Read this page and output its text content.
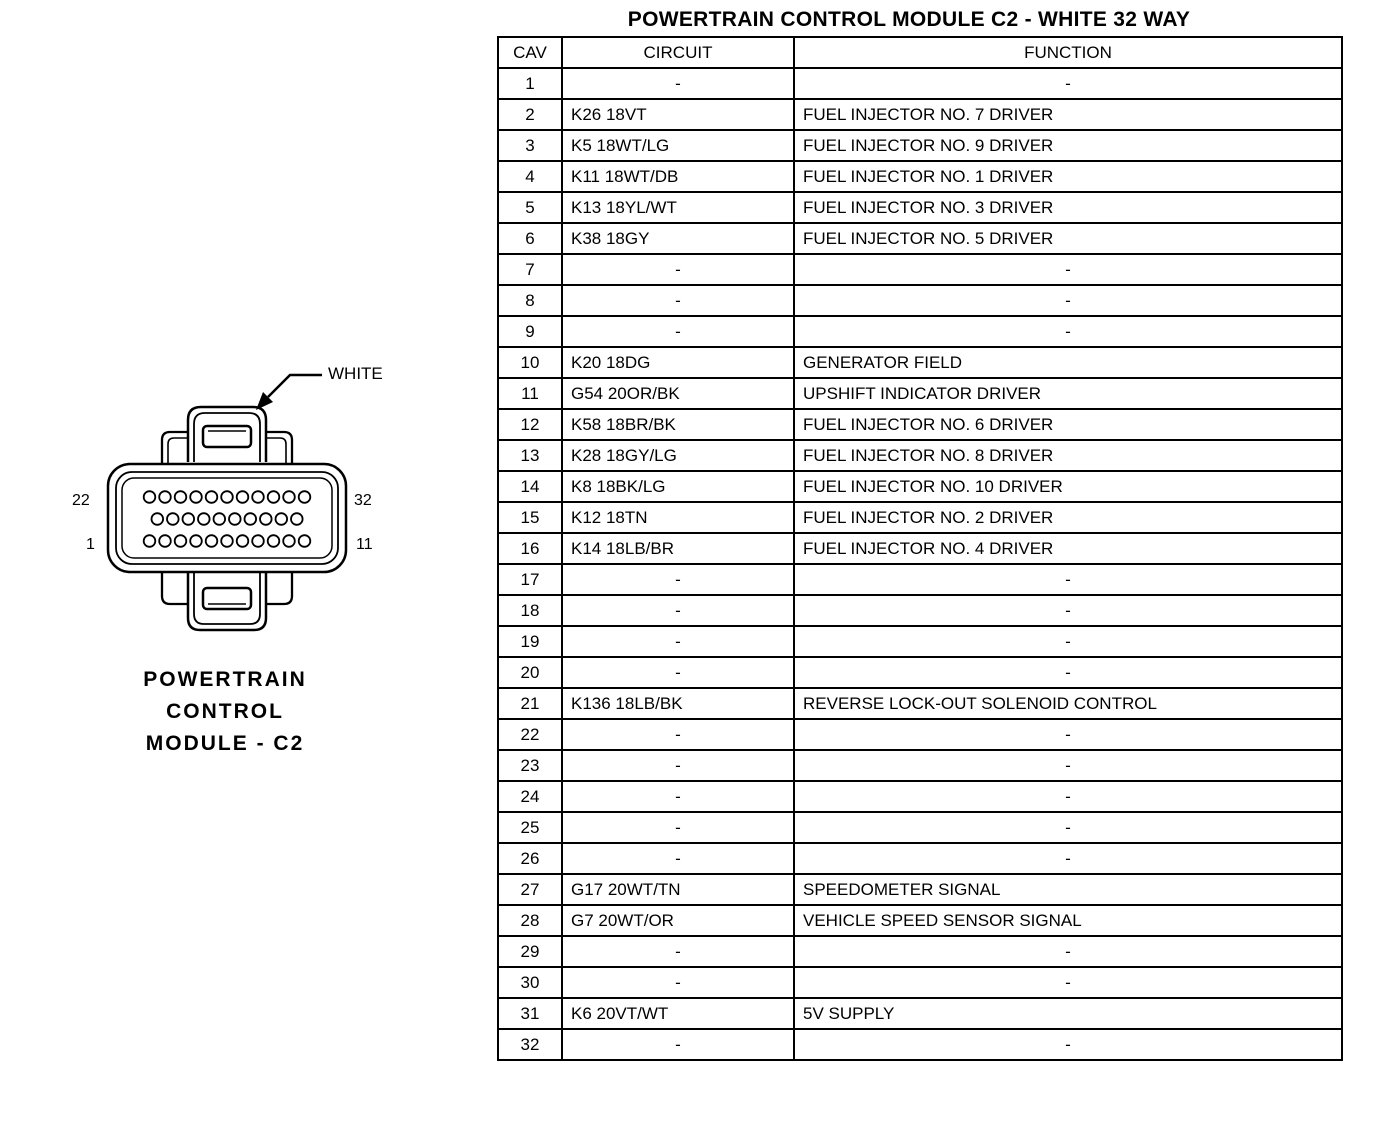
POWERTRAIN CONTROL MODULE C2 - WHITE 32 WAY
CAV	CIRCUIT	FUNCTION
1	-	-
2	K26 18VT	FUEL INJECTOR NO. 7 DRIVER
3	K5 18WT/LG	FUEL INJECTOR NO. 9 DRIVER
4	K11 18WT/DB	FUEL INJECTOR NO. 1 DRIVER
5	K13 18YL/WT	FUEL INJECTOR NO. 3 DRIVER
6	K38 18GY	FUEL INJECTOR NO. 5 DRIVER
7	-	-
8	-	-
9	-	-
10	K20 18DG	GENERATOR FIELD
11	G54 20OR/BK	UPSHIFT INDICATOR DRIVER
12	K58 18BR/BK	FUEL INJECTOR NO. 6 DRIVER
13	K28 18GY/LG	FUEL INJECTOR NO. 8 DRIVER
14	K8 18BK/LG	FUEL INJECTOR NO. 10 DRIVER
15	K12 18TN	FUEL INJECTOR NO. 2 DRIVER
16	K14 18LB/BR	FUEL INJECTOR NO. 4 DRIVER
17	-	-
18	-	-
19	-	-
20	-	-
21	K136 18LB/BK	REVERSE LOCK-OUT SOLENOID CONTROL
22	-	-
23	-	-
24	-	-
25	-	-
26	-	-
27	G17 20WT/TN	SPEEDOMETER SIGNAL
28	G7 20WT/OR	VEHICLE SPEED SENSOR SIGNAL
29	-	-
30	-	-
31	K6 20VT/WT	5V SUPPLY
32	-	-
WHITE
22	32
1	11
POWERTRAIN
CONTROL
MODULE - C2
